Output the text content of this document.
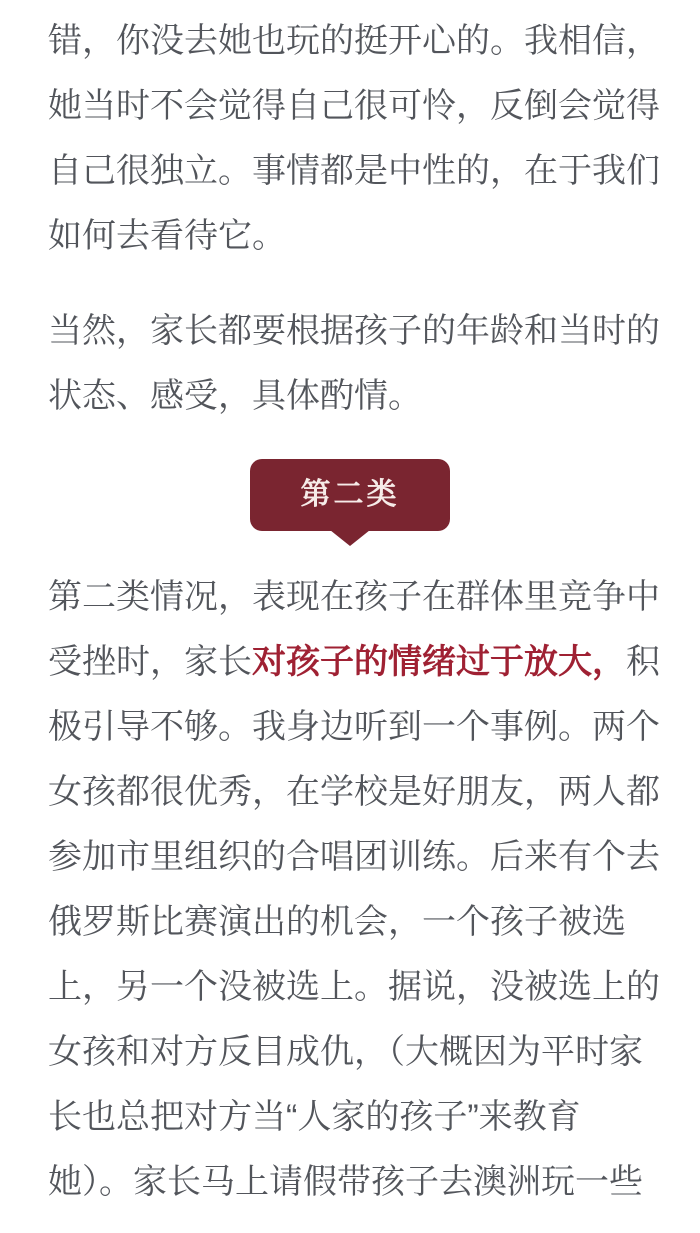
错，你没去她也玩的挺开心的。我相信，
她当时不会觉得自己很可怜，反倒会觉得
自己很独立。事情都是中性的，在于我们
如何去看待它。
当然，家长都要根据孩子的年龄和当时的
状态、感受，具体酌情。
第二类
第二类情况，表现在孩子在群体里竞争中
受挫时，家长对孩子的情绪过于放大，积
极引导不够。我身边听到一个事例。两个
女孩都很优秀，在学校是好朋友，两人都
参加市里组织的合唱团训练。后来有个去
俄罗斯比赛演出的机会，一个孩子被选
上，另一个没被选上。据说，没被选上的
女孩和对方反目成仇，（大概因为平时家
长也总把对方当“人家的孩子”来教育
她）。家长马上请假带孩子去澳洲玩一些
